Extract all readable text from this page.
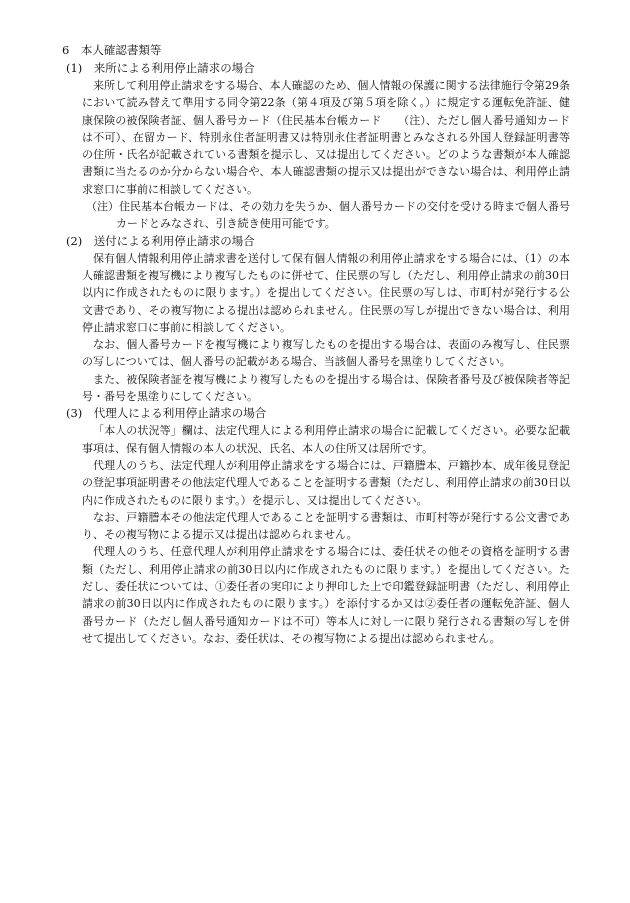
6　本人確認書類等
(1)　来所による利用停止請求の場合

来所して利用停止請求をする場合、本人確認のため、個人情報の保護に関する法律施行令第29条において読み替えて準用する同令第22条（第４項及び第５項を除く。）に規定する運転免許証、健康保険の被保険者証、個人番号カード（住民基本台帳カード　　（注）、ただし個人番号通知カードは不可）、在留カード、特別永住者証明書又は特別永住者証明書とみなされる外国人登録証明書等の住所・氏名が記載されている書類を提示し、又は提出してください。どのような書類が本人確認書類に当たるのか分からない場合や、本人確認書類の提示又は提出ができない場合は、利用停止請求窓口に事前に相談してください。

（注）住民基本台帳カードは、その効力を失うか、個人番号カードの交付を受ける時まで個人番号カードとみなされ、引き続き使用可能です。

(2)　送付による利用停止請求の場合

保有個人情報利用停止請求書を送付して保有個人情報の利用停止請求をする場合には、（1）の本人確認書類を複写機により複写したものに併せて、住民票の写し（ただし、利用停止請求の前30日以内に作成されたものに限ります。）を提出してください。住民票の写しは、市町村が発行する公文書であり、その複写物による提出は認められません。住民票の写しが提出できない場合は、利用停止請求窓口に事前に相談してください。

なお、個人番号カードを複写機により複写したものを提出する場合は、表面のみ複写し、住民票の写しについては、個人番号の記載がある場合、当該個人番号を黒塗りしてください。

また、被保険者証を複写機により複写したものを提出する場合は、保険者番号及び被保険者等記号・番号を黒塗りにしてください。

(3)　代理人による利用停止請求の場合

「本人の状況等」欄は、法定代理人による利用停止請求の場合に記載してください。必要な記載事項は、保有個人情報の本人の状況、氏名、本人の住所又は居所です。

代理人のうち、法定代理人が利用停止請求をする場合には、戸籍謄本、戸籍抄本、成年後見登記の登記事項証明書その他法定代理人であることを証明する書類（ただし、利用停止請求の前30日以内に作成されたものに限ります。）を提示し、又は提出してください。

なお、戸籍謄本その他法定代理人であることを証明する書類は、市町村等が発行する公文書であり、その複写物による提示又は提出は認められません。

代理人のうち、任意代理人が利用停止請求をする場合には、委任状その他その資格を証明する書類（ただし、利用停止請求の前30日以内に作成されたものに限ります。）を提出してください。ただし、委任状については、①委任者の実印により押印した上で印鑑登録証明書（ただし、利用停止請求の前30日以内に作成されたものに限ります。）を添付するか又は②委任者の運転免許証、個人番号カード（ただし個人番号通知カードは不可）等本人に対し一に限り発行される書類の写しを併せて提出してください。なお、委任状は、その複写物による提出は認められません。
